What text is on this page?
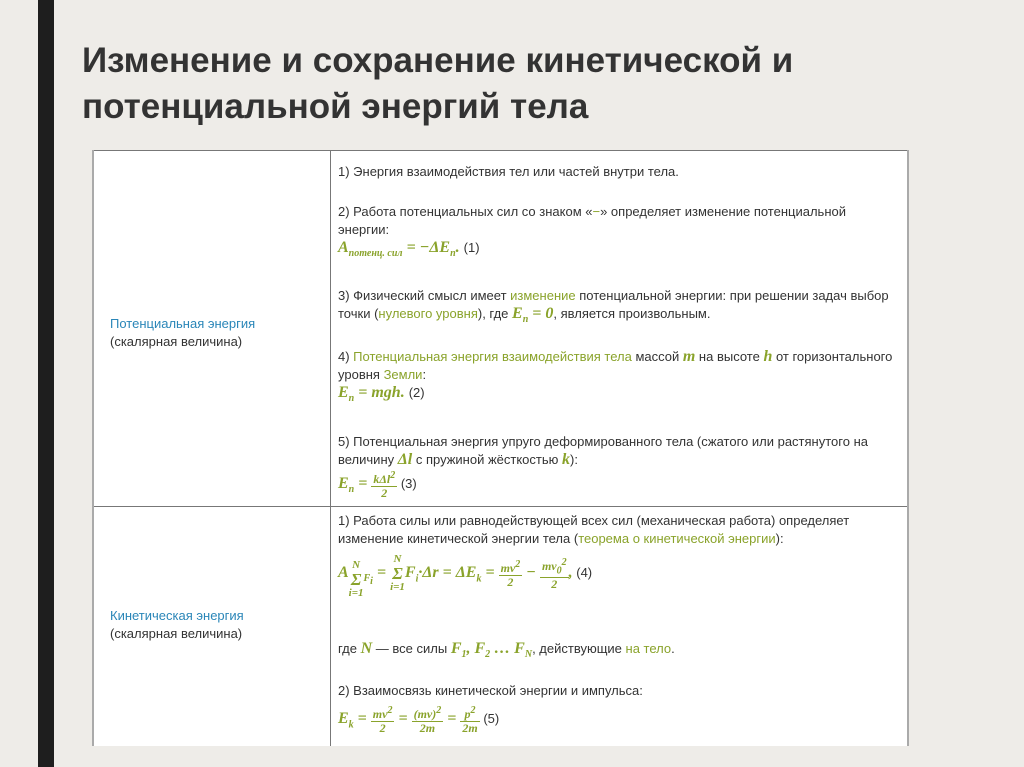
Изменение и сохранение кинетической и потенциальной энергий тела
Потенциальная энергия
(скалярная величина)
1) Энергия взаимодействия тел или частей внутри тела.
2) Работа потенциальных сил со знаком «−» определяет изменение потенциальной энергии:
$A_{потенц. сил} = -\Delta E_п$. (1)
3) Физический смысл имеет изменение потенциальной энергии: при решении задач выбор точки (нулевого уровня), где $E_п = 0$, является произвольным.
4) Потенциальная энергия взаимодействия тела массой m на высоте h от горизонтального уровня Земли:
$E_п$ = mgh. (2)
5) Потенциальная энергия упруго деформированного тела (сжатого или растянутого на величину Δl с пружиной жёсткостью k):
$E_п = \frac{k\Delta l^2}{2} (3)$
Кинетическая энергия
(скалярная величина)
1) Работа силы или равнодействующей всех сил (механическая работа) определяет изменение кинетической энергии тела (теорема о кинетической энергии):
A $_{N \Sigma i=1F_i}$ = N
Σ
$i=1F_i\cdot\Delta r = \Delta E_k = \frac{mv^2}{2} - \frac{mv_0^2}{2}$ , (4)
где N — все силы $F_1$, $F_2$ … $F_N$, действующие на тело.
2) Взаимосвязь кинетической энергии и импульса:
$E_k = \frac{mv^2}{2} = \frac{(mv)^2}{2m} = \frac{p^2}{2m} (5)$
